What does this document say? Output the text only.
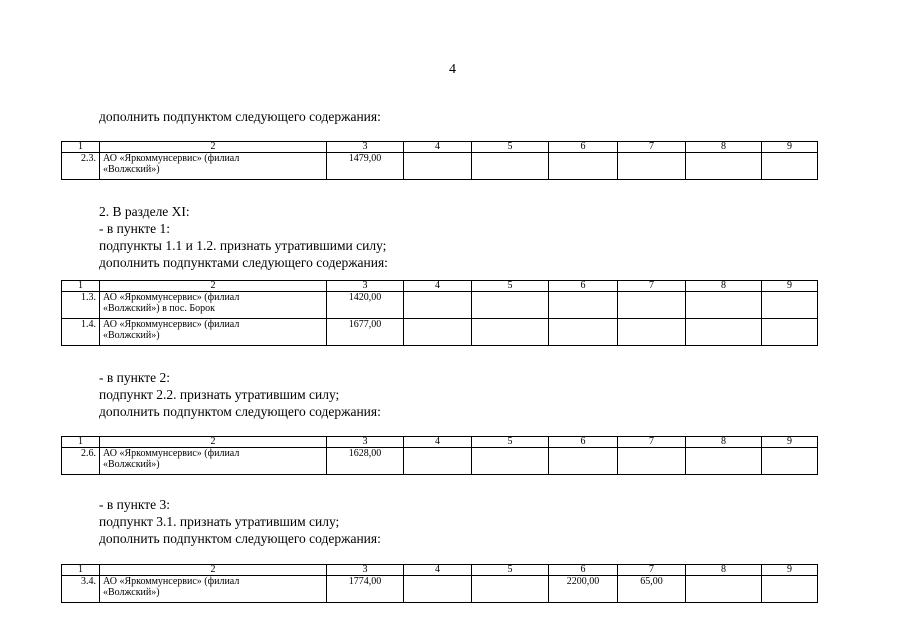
4
дополнить подпунктом следующего содержания:
1	2	3	4	5	6	7	8	9
2.3.	АО «Яркоммунсервис» (филиал
«Волжский»)	1479,00						
2. В разделе XI:
- в пункте 1:
подпункты 1.1 и 1.2. признать утратившими силу;
дополнить подпунктами следующего содержания:
1	2	3	4	5	6	7	8	9
1.3.	АО «Яркоммунсервис» (филиал
«Волжский») в пос. Борок	1420,00						
1.4.	АО «Яркоммунсервис» (филиал
«Волжский»)	1677,00						
- в пункте 2:
подпункт 2.2. признать утратившим силу;
дополнить подпунктом следующего содержания:
1	2	3	4	5	6	7	8	9
2.6.	АО «Яркоммунсервис» (филиал
«Волжский»)	1628,00						
- в пункте 3:
подпункт 3.1. признать утратившим силу;
дополнить подпунктом следующего содержания:
1	2	3	4	5	6	7	8	9
3.4.	АО «Яркоммунсервис» (филиал
«Волжский»)	1774,00			2200,00	65,00		
